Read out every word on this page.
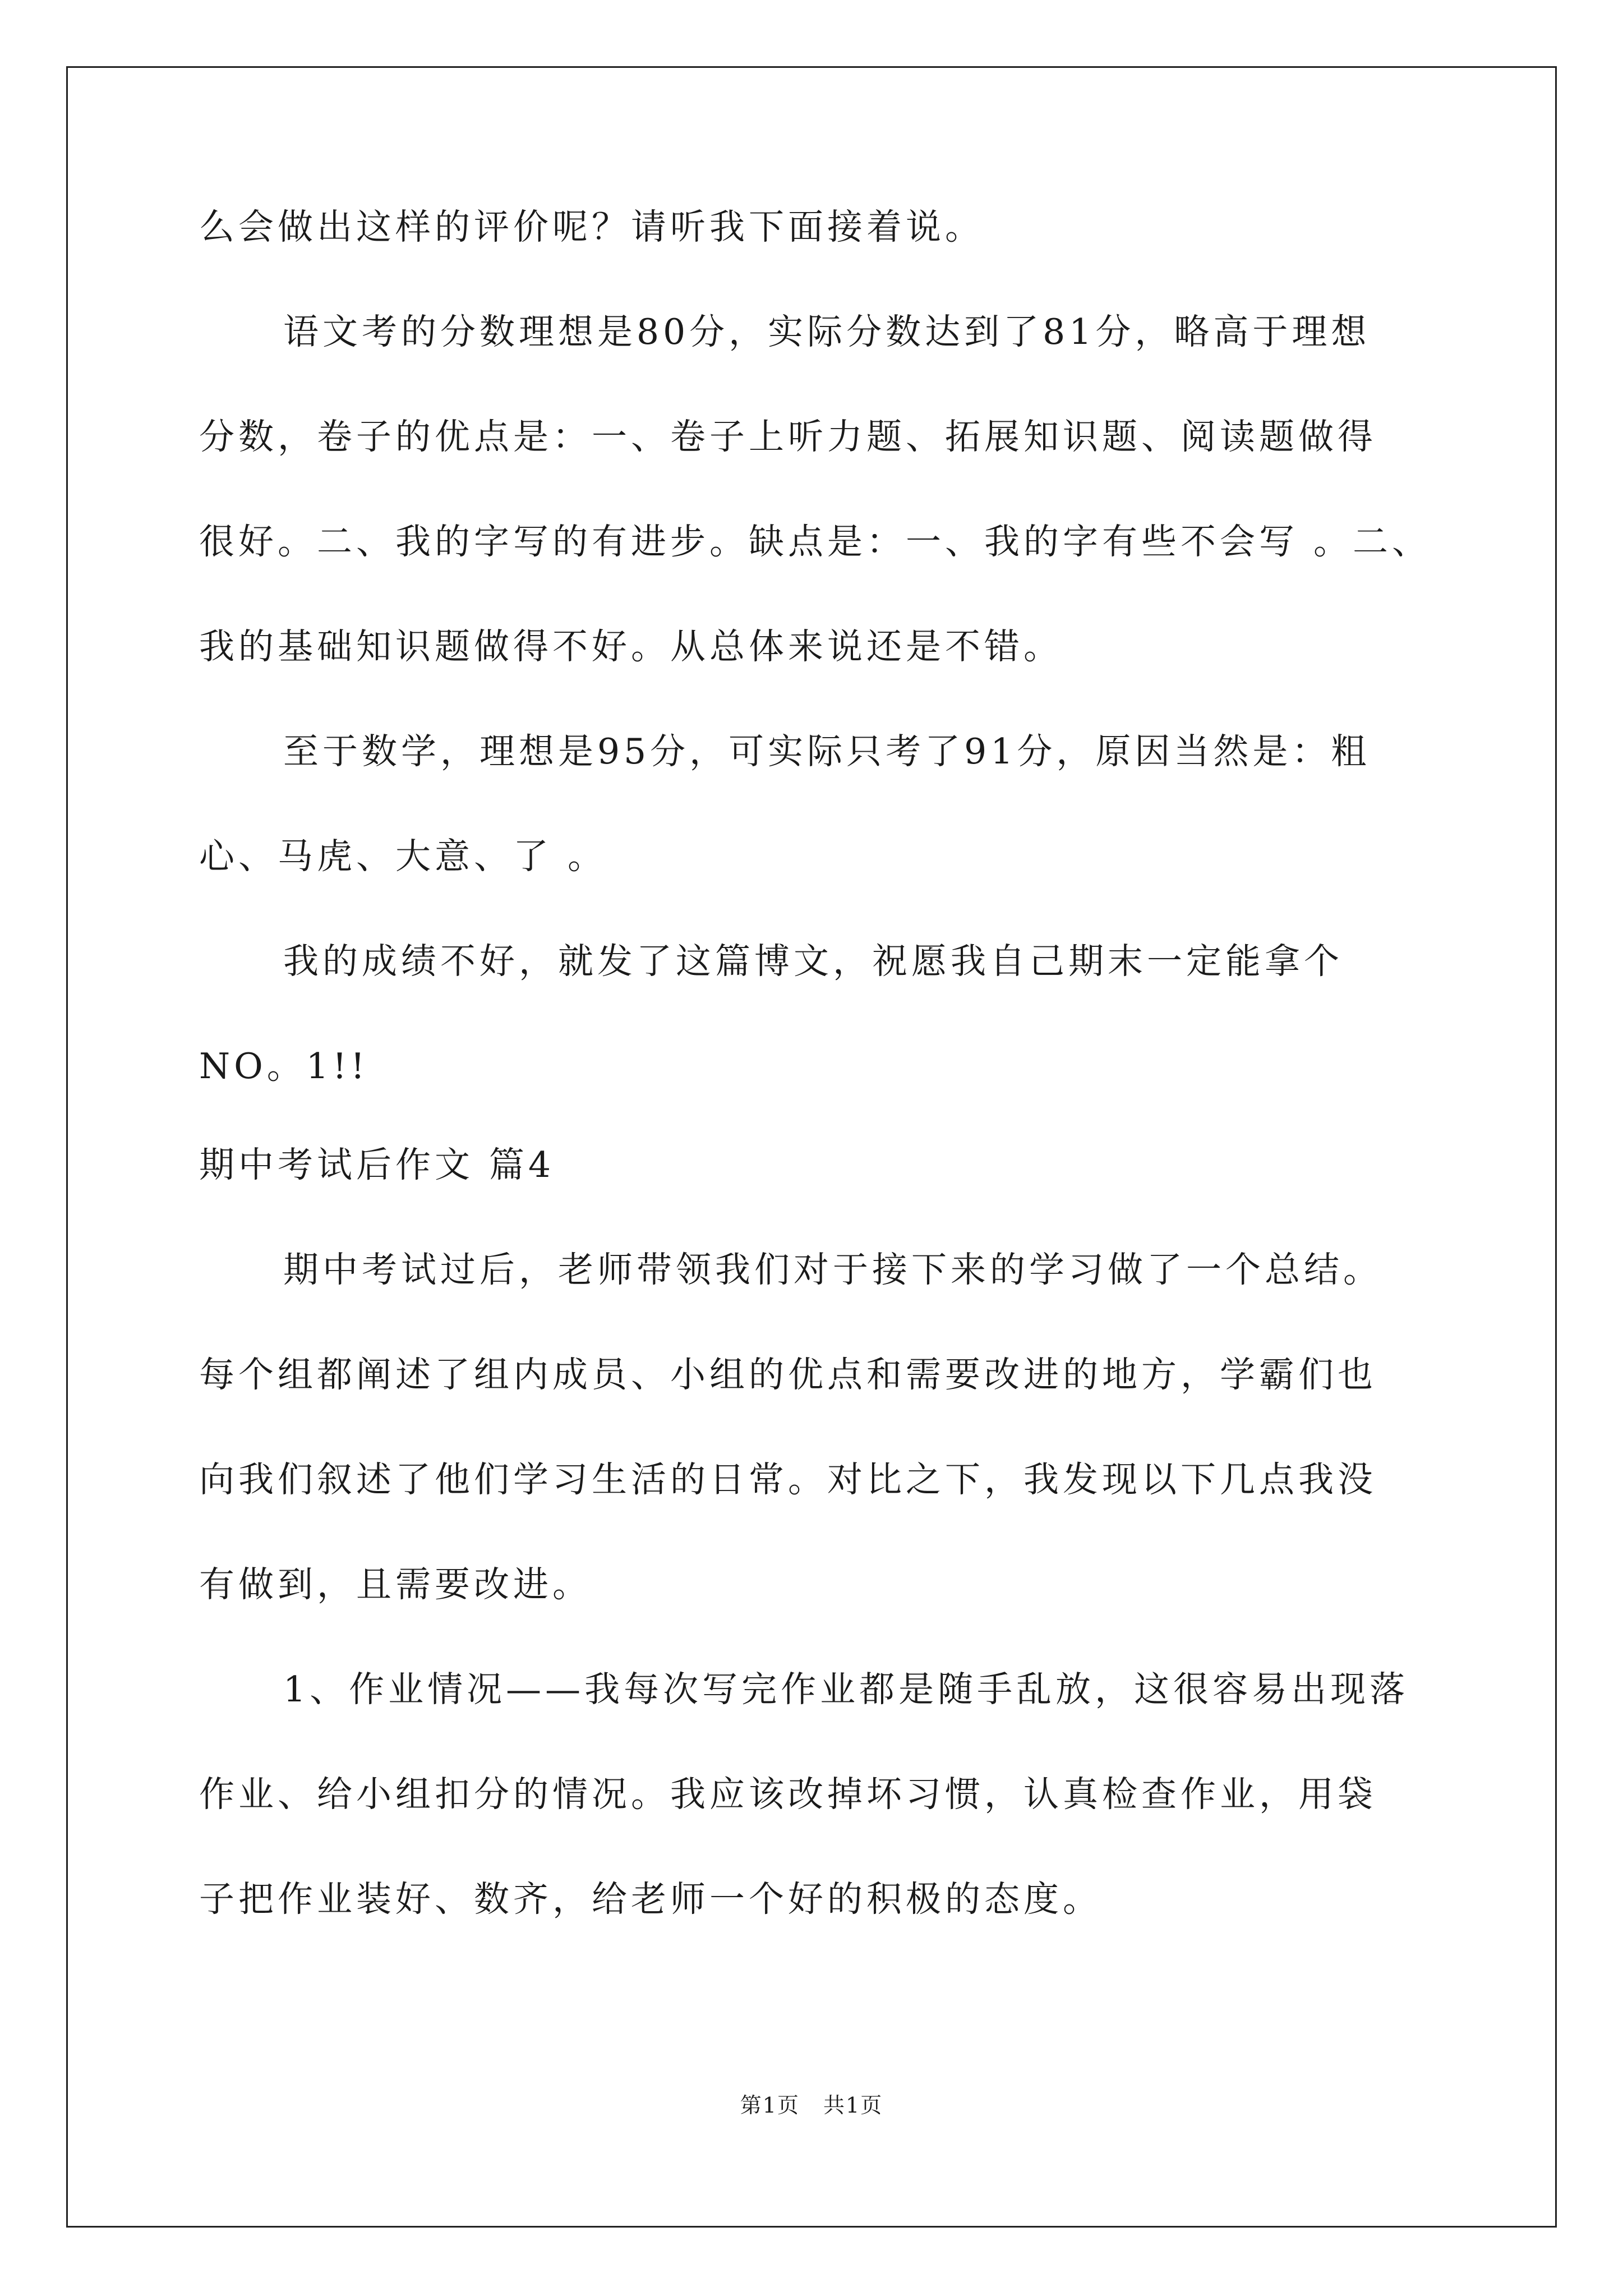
么会做出这样的评价呢？请听我下面接着说。
语文考的分数理想是80分，实际分数达到了81分，略高于理想
分数，卷子的优点是：一、卷子上听力题、拓展知识题、阅读题做得
很好。二、我的字写的有进步。缺点是：一、我的字有些不会写 。二、
我的基础知识题做得不好。从总体来说还是不错。
至于数学，理想是95分，可实际只考了91分，原因当然是：粗
心、马虎、大意、了 。
我的成绩不好，就发了这篇博文，祝愿我自己期末一定能拿个
NO。1!!
期中考试后作文 篇4
期中考试过后，老师带领我们对于接下来的学习做了一个总结。
每个组都阐述了组内成员、小组的优点和需要改进的地方，学霸们也
向我们叙述了他们学习生活的日常。对比之下，我发现以下几点我没
有做到，且需要改进。
1、作业情况——我每次写完作业都是随手乱放，这很容易出现落
作业、给小组扣分的情况。我应该改掉坏习惯，认真检查作业，用袋
子把作业装好、数齐，给老师一个好的积极的态度。
第1页 共1页
